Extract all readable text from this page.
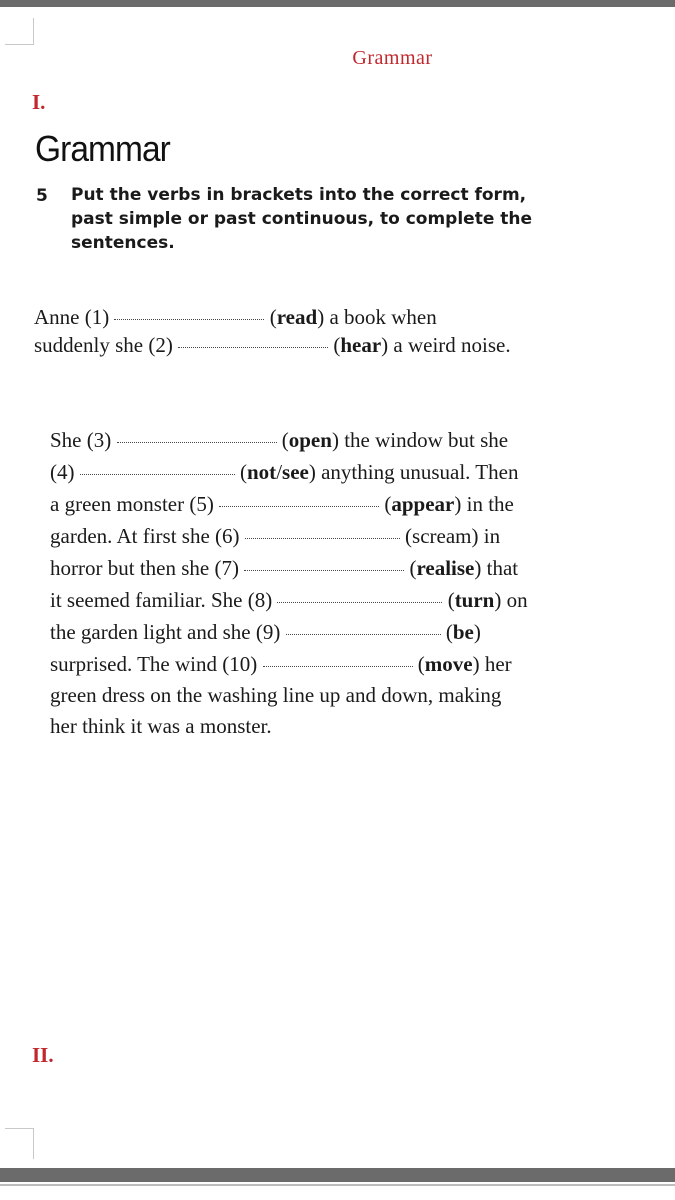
Grammar
I.
Grammar
5 Put the verbs in brackets into the correct form, past simple or past continuous, to complete the sentences.
Anne (1)	(read) a book when
suddenly she (2)	(hear) a weird noise.
She (3)	(open) the window but she
(4)	(not/see) anything unusual. Then
a green monster (5)	(appear) in the
garden. At first she (6)	(scream) in
horror but then she (7)	(realise) that
it seemed familiar. She (8)	(turn) on
the garden light and she (9)	(be)
surprised. The wind (10)	(move) her
green dress on the washing line up and down, making
her think it was a monster.
II.
